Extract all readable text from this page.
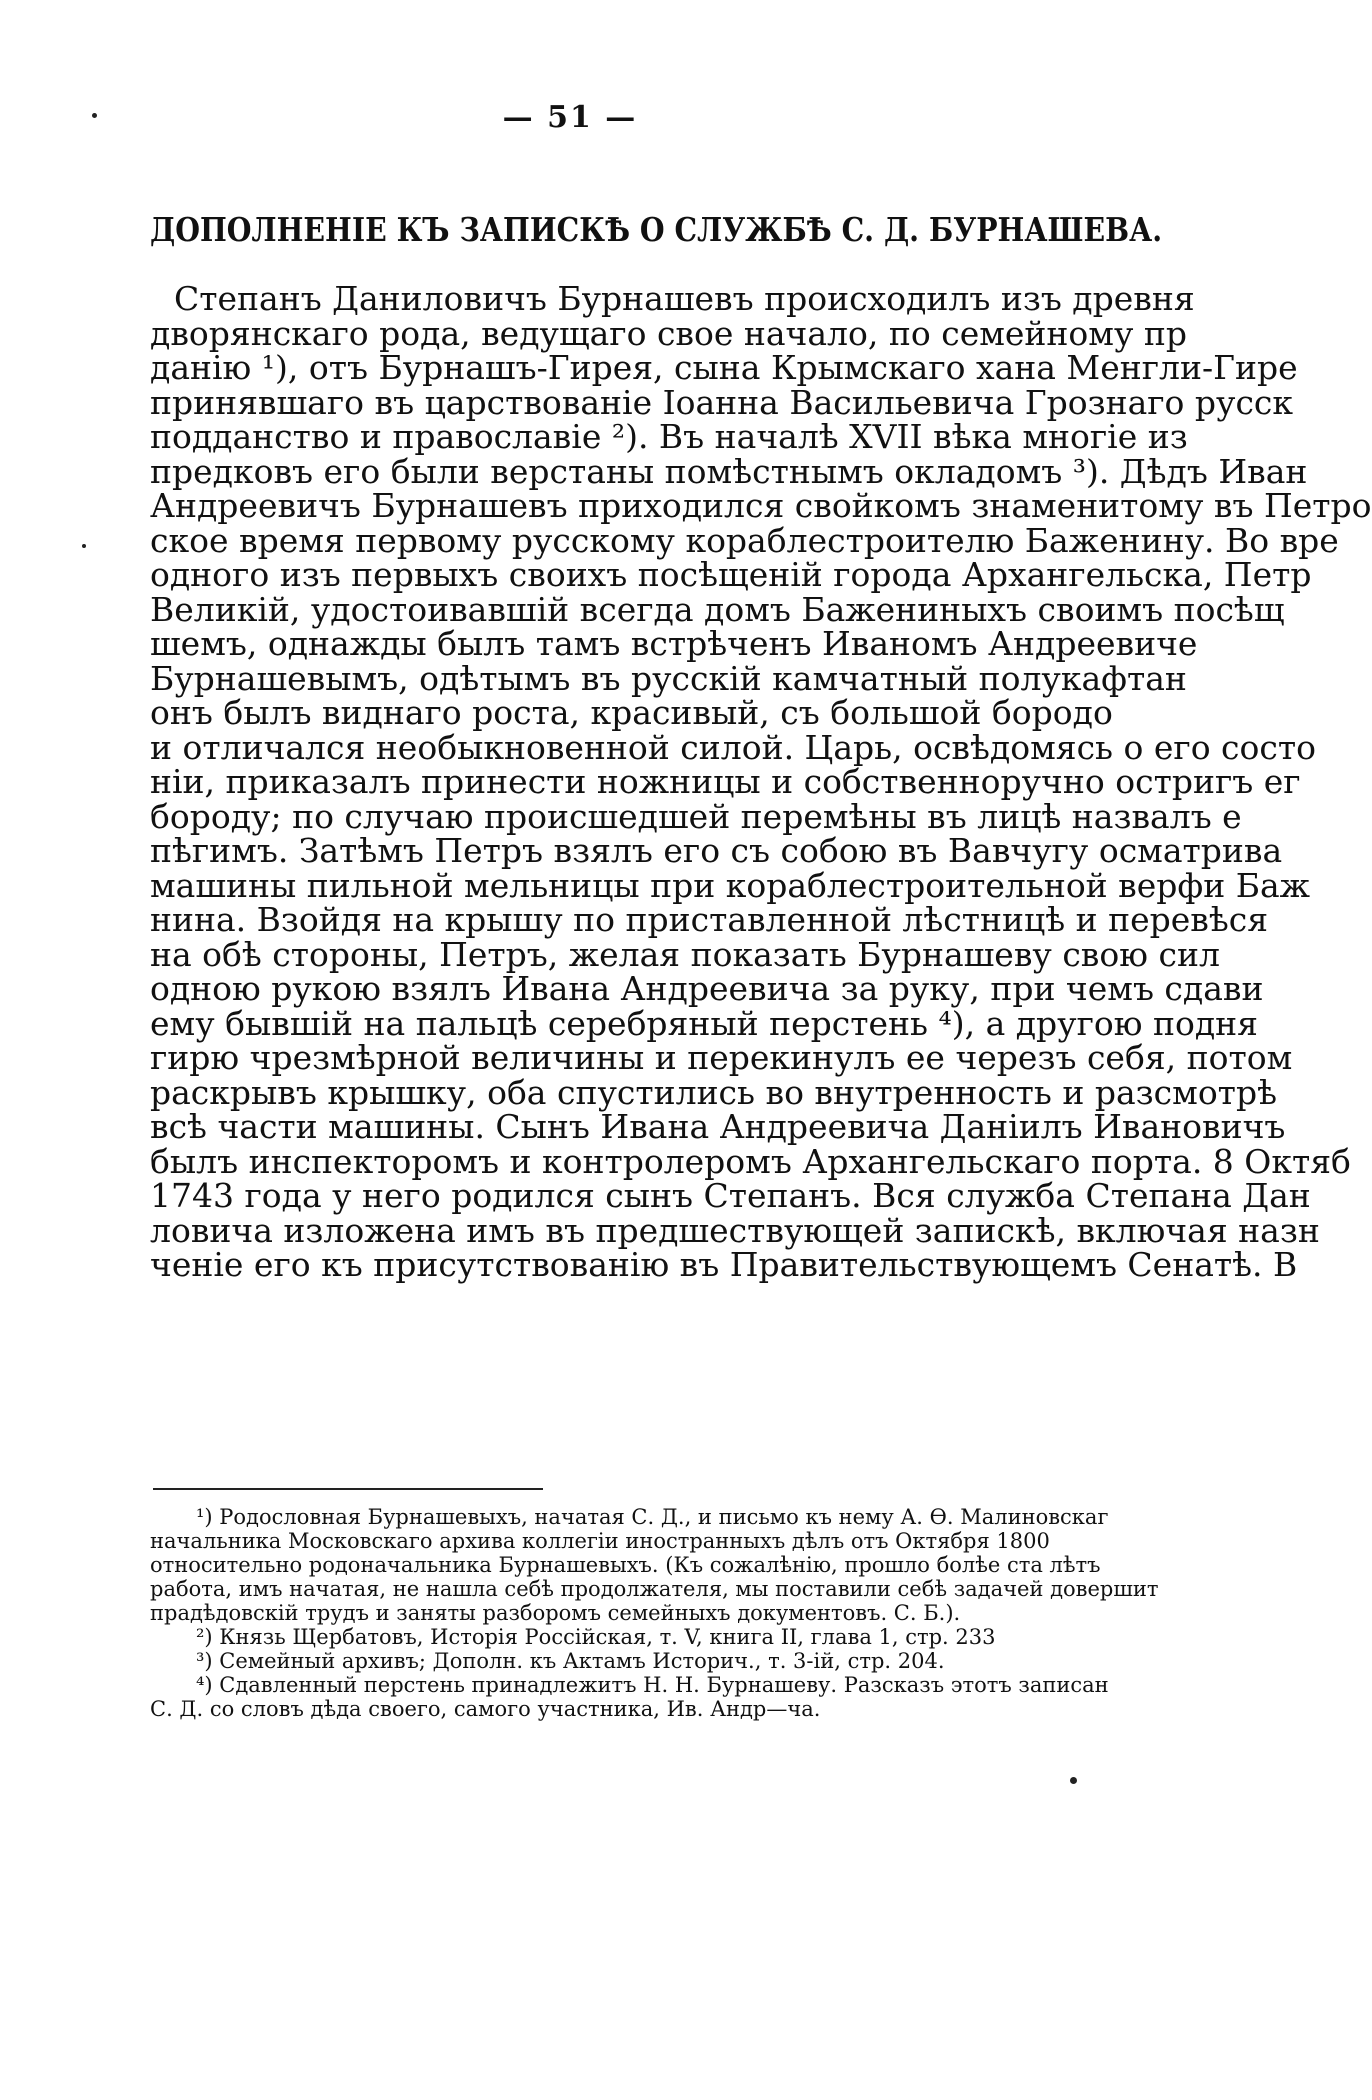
— 51 —
ДОПОЛНЕНІЕ КЪ ЗАПИСКѢ О СЛУЖБѢ С. Д. БУРНАШЕВА.
Степанъ Даниловичъ Бурнашевъ происходилъ изъ древня
дворянскаго рода, ведущаго свое начало, по семейному пр
данію ¹), отъ Бурнашъ-Гирея, сына Крымскаго хана Менгли-Гире
принявшаго въ царствованіе Іоанна Васильевича Грознаго русск
подданство и православіе ²). Въ началѣ XVII вѣка многіе из
предковъ его были верстаны помѣстнымъ окладомъ ³). Дѣдъ Иван
Андреевичъ Бурнашевъ приходился свойкомъ знаменитому въ Петро
ское время первому русскому кораблестроителю Баженину. Во вре
одного изъ первыхъ своихъ посѣщеній города Архангельска, Петр
Великій, удостоивавшій всегда домъ Бажениныхъ своимъ посѣщ
шемъ, однажды былъ тамъ встрѣченъ Иваномъ Андреевиче
Бурнашевымъ, одѣтымъ въ русскій камчатный полукафтан
онъ былъ виднаго роста, красивый, съ большой бородо
и отличался необыкновенной силой. Царь, освѣдомясь о его состо
ніи, приказалъ принести ножницы и собственноручно остригъ ег
бороду; по случаю происшедшей перемѣны въ лицѣ назвалъ е
пѣгимъ. Затѣмъ Петръ взялъ его съ собою въ Вавчугу осматрива
машины пильной мельницы при кораблестроительной верфи Баж
нина. Взойдя на крышу по приставленной лѣстницѣ и перевѣся
на обѣ стороны, Петръ, желая показать Бурнашеву свою сил
одною рукою взялъ Ивана Андреевича за руку, при чемъ сдави
ему бывшій на пальцѣ серебряный перстень ⁴), а другою подня
гирю чрезмѣрной величины и перекинулъ ее черезъ себя, потом
раскрывъ крышку, оба спустились во внутренность и разсмотрѣ
всѣ части машины. Сынъ Ивана Андреевича Даніилъ Ивановичъ
былъ инспекторомъ и контролеромъ Архангельскаго порта. 8 Октяб
1743 года у него родился сынъ Степанъ. Вся служба Степана Дан
ловича изложена имъ въ предшествующей запискѣ, включая назн
ченіе его къ присутствованію въ Правительствующемъ Сенатѣ. В
¹) Родословная Бурнашевыхъ, начатая С. Д., и письмо къ нему А. Ѳ. Малиновскаг
начальника Московскаго архива коллегіи иностранныхъ дѣлъ отъ Октября 1800
относительно родоначальника Бурнашевыхъ. (Къ сожалѣнію, прошло болѣе ста лѣтъ
работа, имъ начатая, не нашла себѣ продолжателя, мы поставили себѣ задачей довершит
прадѣдовскій трудъ и заняты разборомъ семейныхъ документовъ. С. Б.).
²) Князь Щербатовъ, Исторія Россійская, т. V, книга II, глава 1, стр. 233
³) Семейный архивъ; Дополн. къ Актамъ Историч., т. 3-ій, стр. 204.
⁴) Сдавленный перстень принадлежитъ Н. Н. Бурнашеву. Разсказъ этотъ записан
С. Д. со словъ дѣда своего, самого участника, Ив. Андр—ча.
